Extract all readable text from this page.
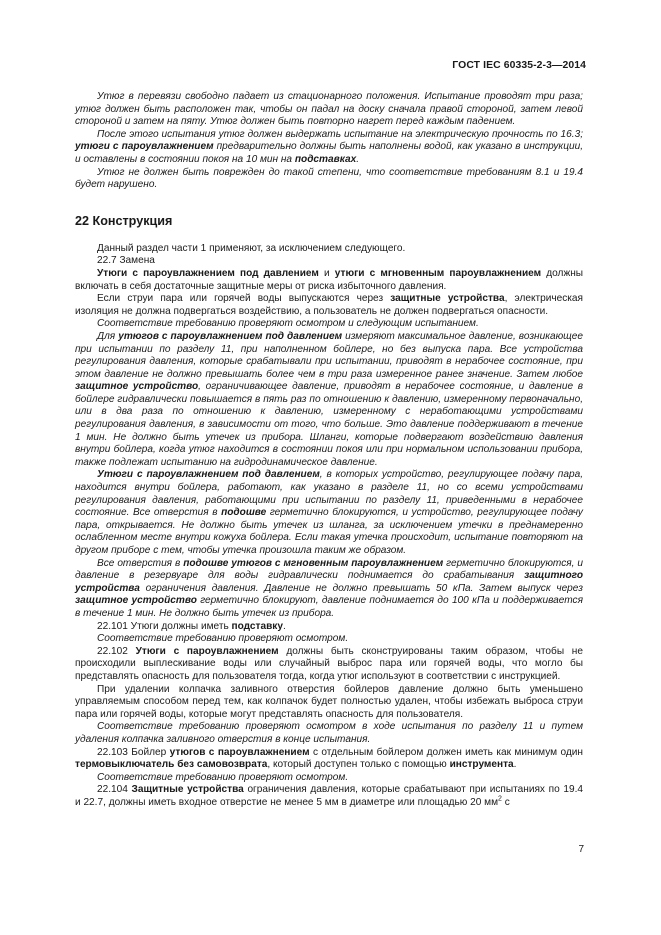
ГОСТ IEC 60335-2-3—2014

Утюг в перевязи свободно падает из стационарного положения. Испытание проводят три раза; утюг должен быть расположен так, чтобы он падал на доску сначала правой стороной, затем левой стороной и затем на пяту. Утюг должен быть повторно нагрет перед каждым падением.

После этого испытания утюг должен выдержать испытание на электрическую прочность по 16.3; утюги с пароувлажнением предварительно должны быть наполнены водой, как указано в инструкции, и оставлены в состоянии покоя на 10 мин на подставках.

Утюг не должен быть поврежден до такой степени, что соответствие требованиям 8.1 и 19.4 будет нарушено.

22 Конструкция

Данный раздел части 1 применяют, за исключением следующего.

22.7 Замена

Утюги с пароувлажнением под давлением и утюги с мгновенным пароувлажнением должны включать в себя достаточные защитные меры от риска избыточного давления.

Если струи пара или горячей воды выпускаются через защитные устройства, электрическая изоляция не должна подвергаться воздействию, а пользователь не должен подвергаться опасности.

Соответствие требованию проверяют осмотром и следующим испытанием.

Для утюгов с пароувлажнением под давлением измеряют максимальное давление, возникающее при испытании по разделу 11, при наполненном бойлере, но без выпуска пара. Все устройства регулирования давления, которые срабатывали при испытании, приводят в нерабочее состояние, при этом давление не должно превышать более чем в три раза измеренное ранее значение. Затем любое защитное устройство, ограничивающее давление, приводят в нерабочее состояние, и давление в бойлере гидравлически повышается в пять раз по отношению к давлению, измеренному первоначально, или в два раза по отношению к давлению, измеренному с неработающими устройствами регулирования давления, в зависимости от того, что больше. Это давление поддерживают в течение 1 мин. Не должно быть утечек из прибора. Шланги, которые подвергают воздействию давления внутри бойлера, когда утюг находится в состоянии покоя или при нормальном использовании прибора, также подлежат испытанию на гидродинамическое давление.

Утюги с пароувлажнением под давлением, в которых устройство, регулирующее подачу пара, находится внутри бойлера, работают, как указано в разделе 11, но со всеми устройствами регулирования давления, работающими при испытании по разделу 11, приведенными в нерабочее состояние. Все отверстия в подошве герметично блокируются, и устройство, регулирующее подачу пара, открывается. Не должно быть утечек из шланга, за исключением утечки в преднамеренно ослабленном месте внутри кожуха бойлера. Если такая утечка происходит, испытание повторяют на другом приборе с тем, чтобы утечка произошла таким же образом.

Все отверстия в подошве утюгов с мгновенным пароувлажнением герметично блокируются, и давление в резервуаре для воды гидравлически поднимается до срабатывания защитного устройства ограничения давления. Давление не должно превышать 50 кПа. Затем выпуск через защитное устройство герметично блокируют, давление поднимается до 100 кПа и поддерживается в течение 1 мин. Не должно быть утечек из прибора.

22.101 Утюги должны иметь подставку.

Соответствие требованию проверяют осмотром.

22.102 Утюги с пароувлажнением должны быть сконструированы таким образом, чтобы не происходили выплескивание воды или случайный выброс пара или горячей воды, что могло бы представлять опасность для пользователя тогда, когда утюг используют в соответствии с инструкцией.

При удалении колпачка заливного отверстия бойлеров давление должно быть уменьшено управляемым способом перед тем, как колпачок будет полностью удален, чтобы избежать выброса струи пара или горячей воды, которые могут представлять опасность для пользователя.

Соответствие требованию проверяют осмотром в ходе испытания по разделу 11 и путем удаления колпачка заливного отверстия в конце испытания.

22.103 Бойлер утюгов с пароувлажнением с отдельным бойлером должен иметь как минимум один термовыключатель без самовозврата, который доступен только с помощью инструмента.

Соответствие требованию проверяют осмотром.

22.104 Защитные устройства ограничения давления, которые срабатывают при испытаниях по 19.4 и 22.7, должны иметь входное отверстие не менее 5 мм в диаметре или площадью 20 $мм^2$ с

7
